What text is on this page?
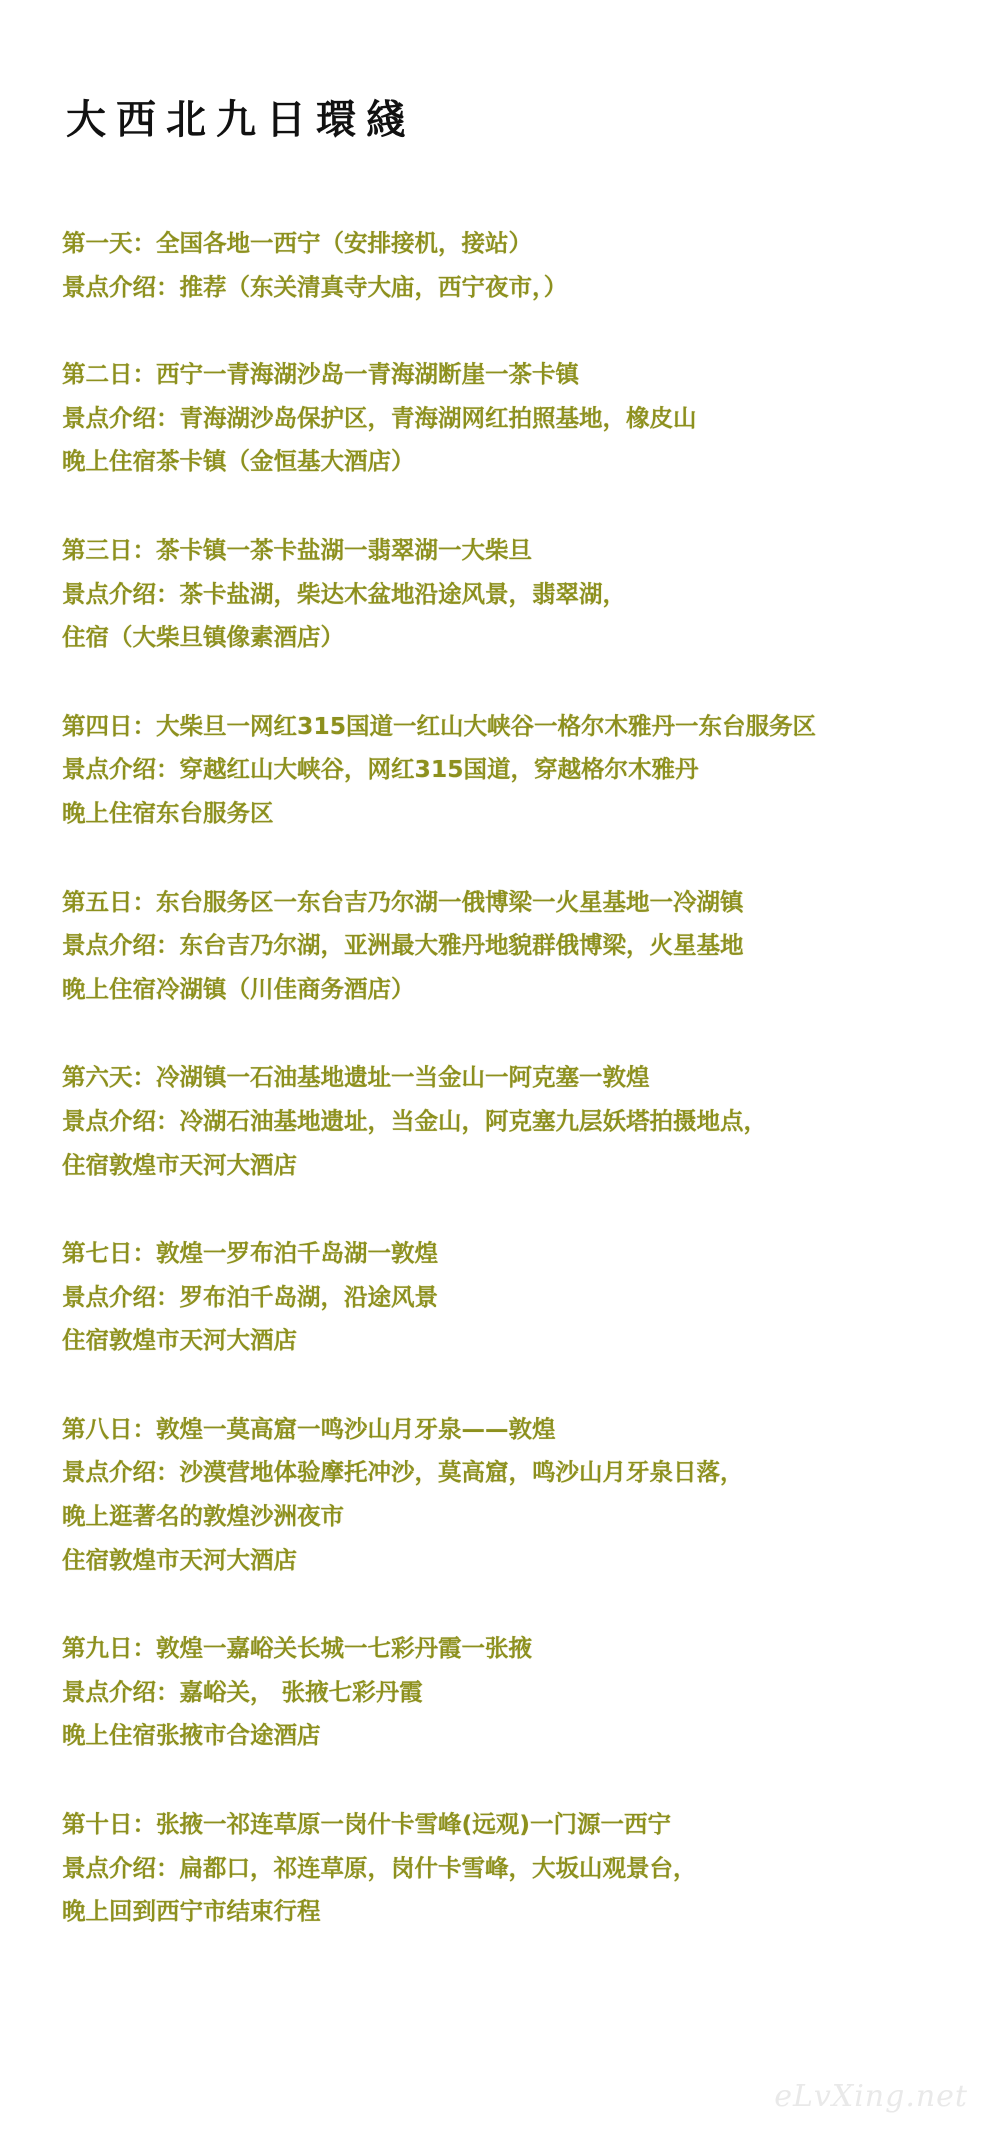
大西北九日環綫
第一天：全国各地一西宁（安排接机，接站）
景点介绍：推荐（东关清真寺大庙，西宁夜市，）
第二日：西宁一青海湖沙岛一青海湖断崖一茶卡镇
景点介绍：青海湖沙岛保护区，青海湖网红拍照基地，橡皮山
晚上住宿茶卡镇（金恒基大酒店）
第三日：茶卡镇一茶卡盐湖一翡翠湖一大柴旦
景点介绍：茶卡盐湖，柴达木盆地沿途风景，翡翠湖，
住宿（大柴旦镇像素酒店）
第四日：大柴旦一网红315国道一红山大峡谷一格尔木雅丹一东台服务区
景点介绍：穿越红山大峡谷，网红315国道，穿越格尔木雅丹
晚上住宿东台服务区
第五日：东台服务区一东台吉乃尔湖一俄博梁一火星基地一冷湖镇
景点介绍：东台吉乃尔湖，亚洲最大雅丹地貌群俄博梁，火星基地
晚上住宿冷湖镇（川佳商务酒店）
第六天：冷湖镇一石油基地遗址一当金山一阿克塞一敦煌
景点介绍：冷湖石油基地遗址，当金山，阿克塞九层妖塔拍摄地点，
住宿敦煌市天河大酒店
第七日：敦煌一罗布泊千岛湖一敦煌
景点介绍：罗布泊千岛湖，沿途风景
住宿敦煌市天河大酒店
第八日：敦煌一莫高窟一鸣沙山月牙泉——敦煌
景点介绍：沙漠营地体验摩托冲沙，莫高窟，鸣沙山月牙泉日落，
晚上逛著名的敦煌沙洲夜市
住宿敦煌市天河大酒店
第九日：敦煌一嘉峪关长城一七彩丹霞一张掖
景点介绍：嘉峪关， 张掖七彩丹霞
晚上住宿张掖市合途酒店
第十日：张掖一祁连草原一岗什卡雪峰(远观)一门源一西宁
景点介绍：扁都口，祁连草原，岗什卡雪峰，大坂山观景台，
晚上回到西宁市结束行程
eLvXing.net
